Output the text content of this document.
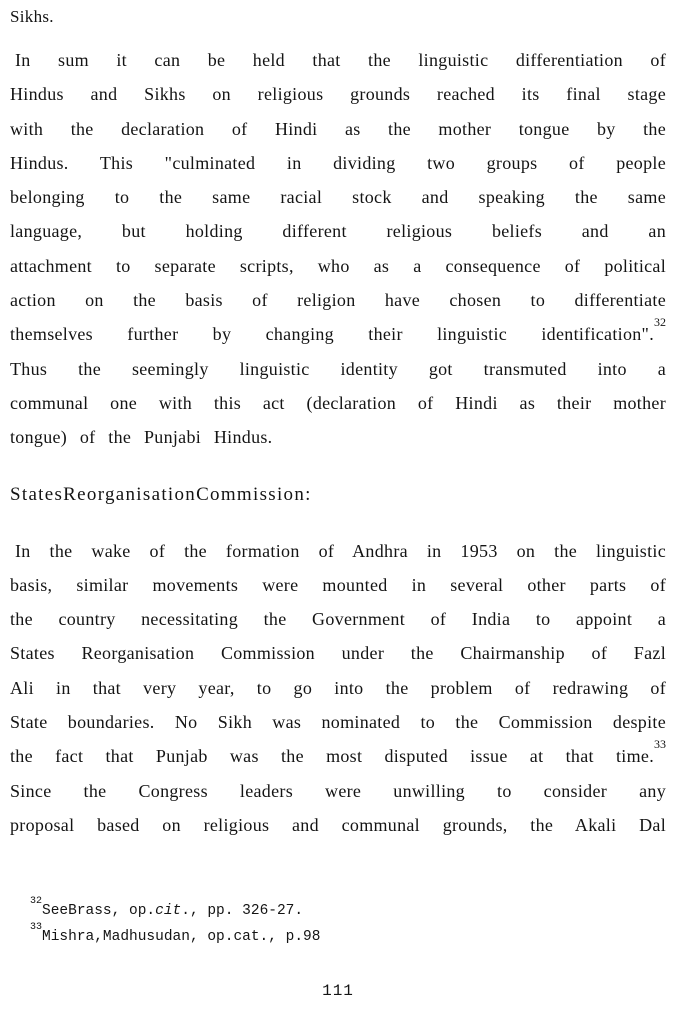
Sikhs.
In sum it can be held that the linguistic differentiation of
Hindus and Sikhs on religious grounds reached its final stage
with the declaration of Hindi as the mother tongue by the
Hindus. This "culminated in dividing two groups of people
belonging to the same racial stock and speaking the same
language, but holding different religious beliefs and an
attachment to separate scripts, who as a consequence of political
action on the basis of religion have chosen to differentiate
themselves further by changing their linguistic identification".$^{32}$
Thus the seemingly linguistic identity got transmuted into a
communal one with this act (declaration of Hindi as their mother
tongue) of the Punjabi Hindus.
StatesReorganisationCommission:
In the wake of the formation of Andhra in 1953 on the linguistic
basis, similar movements were mounted in several other parts of
the country necessitating the Government of India to appoint a
States Reorganisation Commission under the Chairmanship of Fazl
Ali in that very year, to go into the problem of redrawing of
State boundaries. No Sikh was nominated to the Commission despite
the fact that Punjab was the most disputed issue at that time.$^{33}$
Since the Congress leaders were unwilling to consider any
proposal based on religious and communal grounds, the Akali Dal
$^{32}$SeeBrass, op.cit., pp. 326-27.
$^{33}$Mishra,Madhusudan, op.cat., p.98
111
